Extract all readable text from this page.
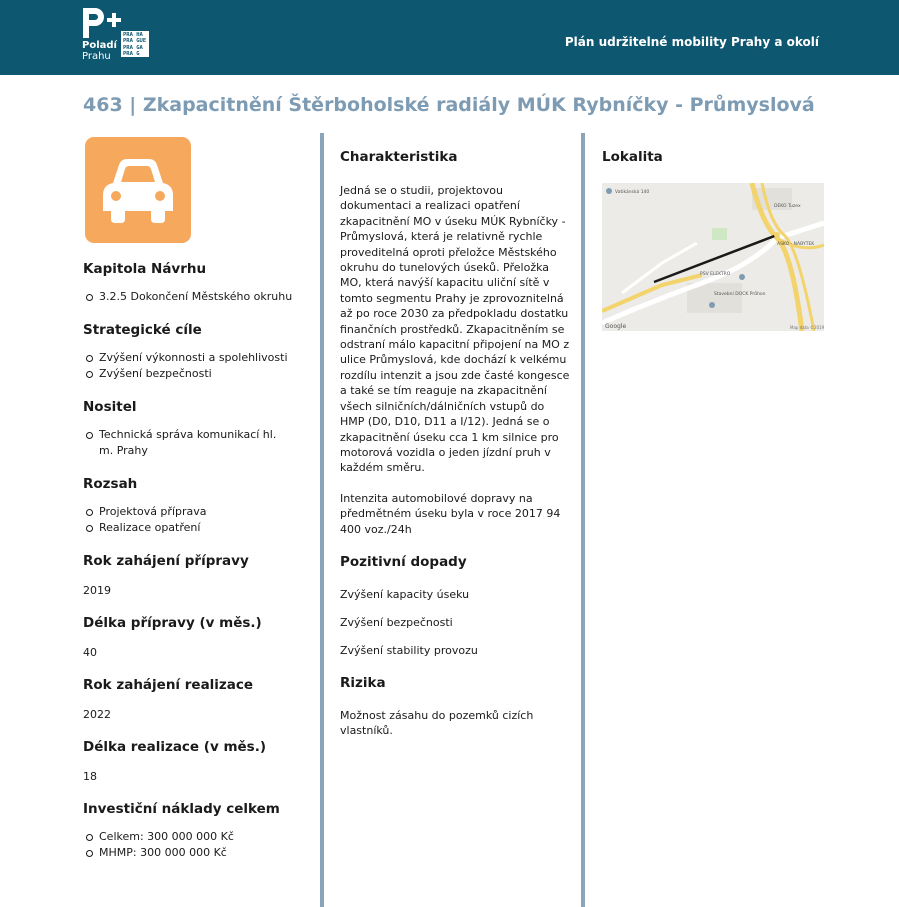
Poladí
Prahu
PRA HA
PRA GUE
PRA GA
PRA G
Plán udržitelné mobility Prahy a okolí
463 | Zkapacitnění Štěrboholské radiály MÚK Rybníčky - Průmyslová
Kapitola Návrhu
3.2.5 Dokončení Městského okruhu
Strategické cíle
Zvýšení výkonnosti a spolehlivosti
Zvýšení bezpečnosti
Nositel
Technická správa komunikací hl. m. Prahy
Rozsah
Projektová příprava
Realizace opatření
Rok zahájení přípravy
2019
Délka přípravy (v měs.)
40
Rok zahájení realizace
2022
Délka realizace (v měs.)
18
Investiční náklady celkem
Celkem: 300 000 000 Kč
MHMP: 300 000 000 Kč
Charakteristika

Jedná se o studii, projektovou dokumentaci a realizaci opatření zkapacitnění MO v úseku MÚK Rybníčky - Průmyslová, která je relativně rychle proveditelná oproti přeložce Městského okruhu do tunelových úseků. Přeložka MO, která navýší kapacitu uliční sítě v tomto segmentu Prahy je zprovoznitelná až po roce 2030 za předpokladu dostatku finančních prostředků. Zkapacitněním se odstraní málo kapacitní připojení na MO z ulice Průmyslová, kde dochází k velkému rozdílu intenzit a jsou zde časté kongesce a také se tím reaguje na zkapacitnění všech silničních/dálničních vstupů do HMP (D0, D10, D11 a I/12). Jedná se o zkapacitnění úseku cca 1 km silnice pro motorová vozidla o jeden jízdní pruh v každém směru.

Intenzita automobilové dopravy na předmětném úseku byla v roce 2017 94 400 voz./24h

Pozitivní dopady
Zvýšení kapacity úseku
Zvýšení bezpečnosti
Zvýšení stability provozu
Rizika

Možnost zásahu do pozemků cizích vlastníků.

Lokalita
Vatikánská 140
DEKO Tuzex
ASKO - NÁBYTEK
PSV ELEKTRO
Stavební DOCK Průhon
Google	Map data ©2019
